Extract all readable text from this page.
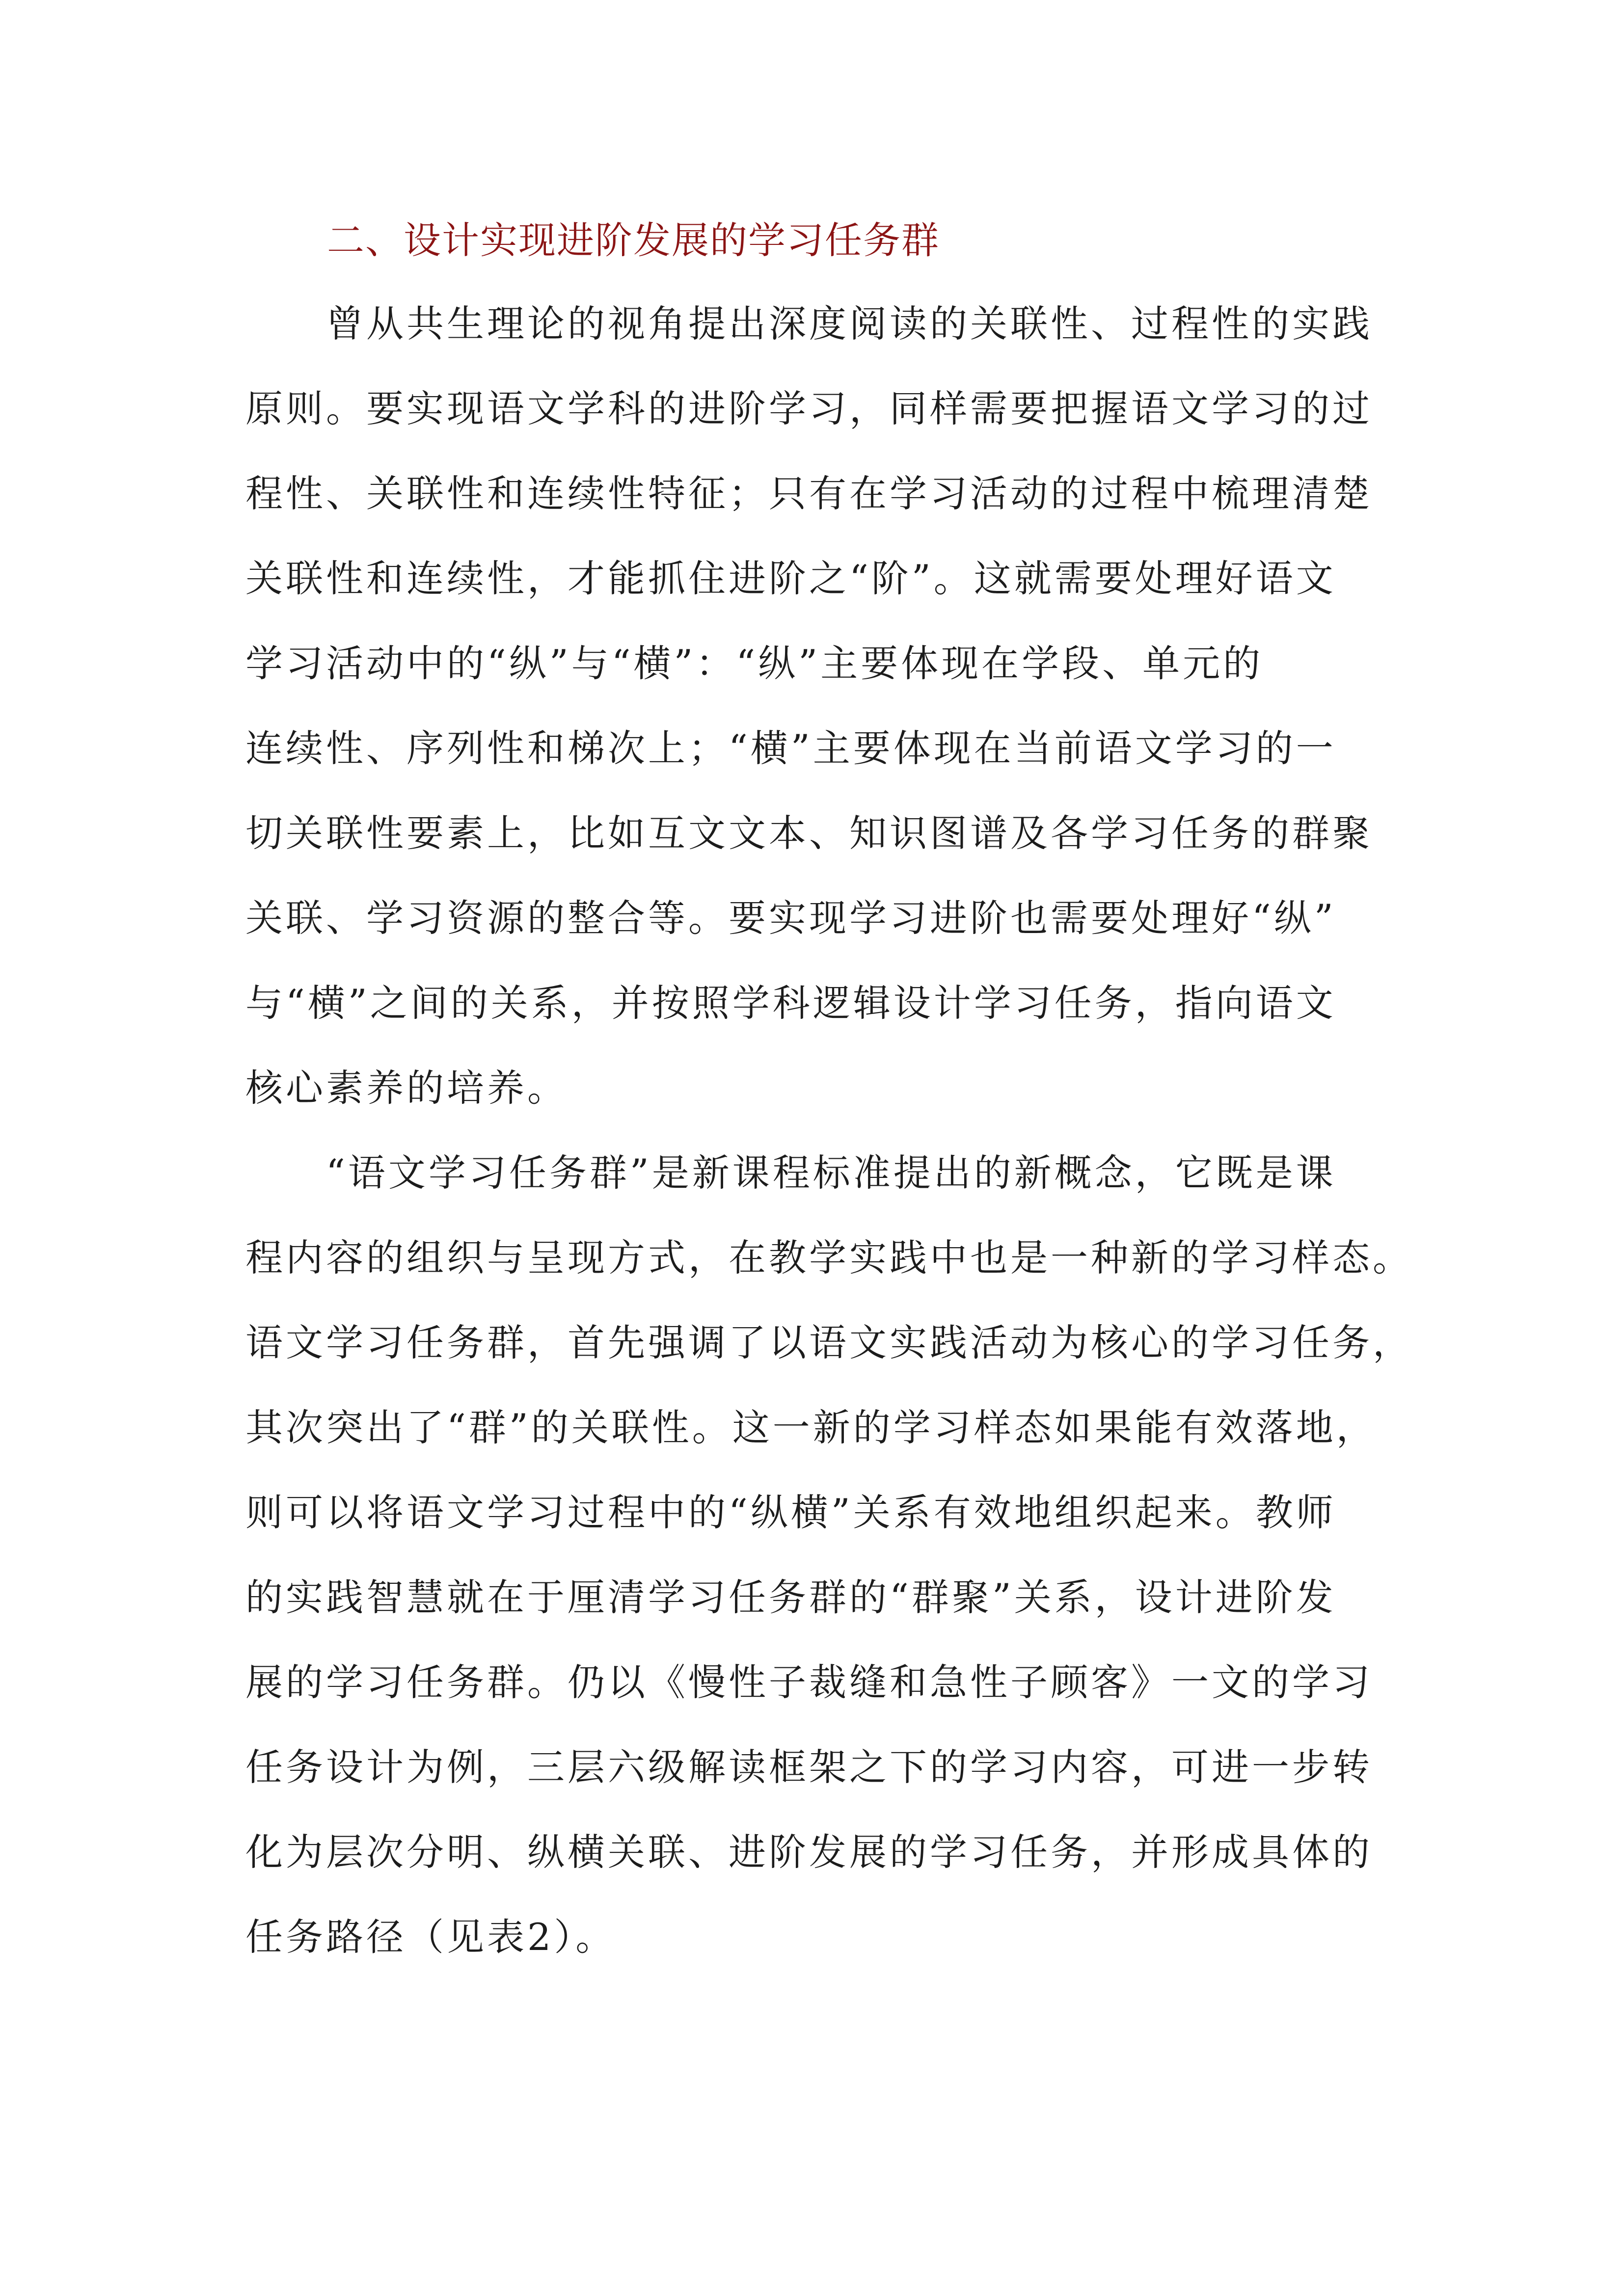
二、设计实现进阶发展的学习任务群
　　曾从共生理论的视角提出深度阅读的关联性、过程性的实践
原则。要实现语文学科的进阶学习，同样需要把握语文学习的过
程性、关联性和连续性特征；只有在学习活动的过程中梳理清楚
关联性和连续性，才能抓住进阶之“阶”。这就需要处理好语文
学习活动中的“纵”与“横”：“纵”主要体现在学段、单元的
连续性、序列性和梯次上；“横”主要体现在当前语文学习的一
切关联性要素上，比如互文文本、知识图谱及各学习任务的群聚
关联、学习资源的整合等。要实现学习进阶也需要处理好“纵”
与“横”之间的关系，并按照学科逻辑设计学习任务，指向语文
核心素养的培养。
　　“语文学习任务群”是新课程标准提出的新概念，它既是课
程内容的组织与呈现方式，在教学实践中也是一种新的学习样态。
语文学习任务群，首先强调了以语文实践活动为核心的学习任务，
其次突出了“群”的关联性。这一新的学习样态如果能有效落地，
则可以将语文学习过程中的“纵横”关系有效地组织起来。教师
的实践智慧就在于厘清学习任务群的“群聚”关系，设计进阶发
展的学习任务群。仍以《慢性子裁缝和急性子顾客》一文的学习
任务设计为例，三层六级解读框架之下的学习内容，可进一步转
化为层次分明、纵横关联、进阶发展的学习任务，并形成具体的
任务路径（见表2）。
